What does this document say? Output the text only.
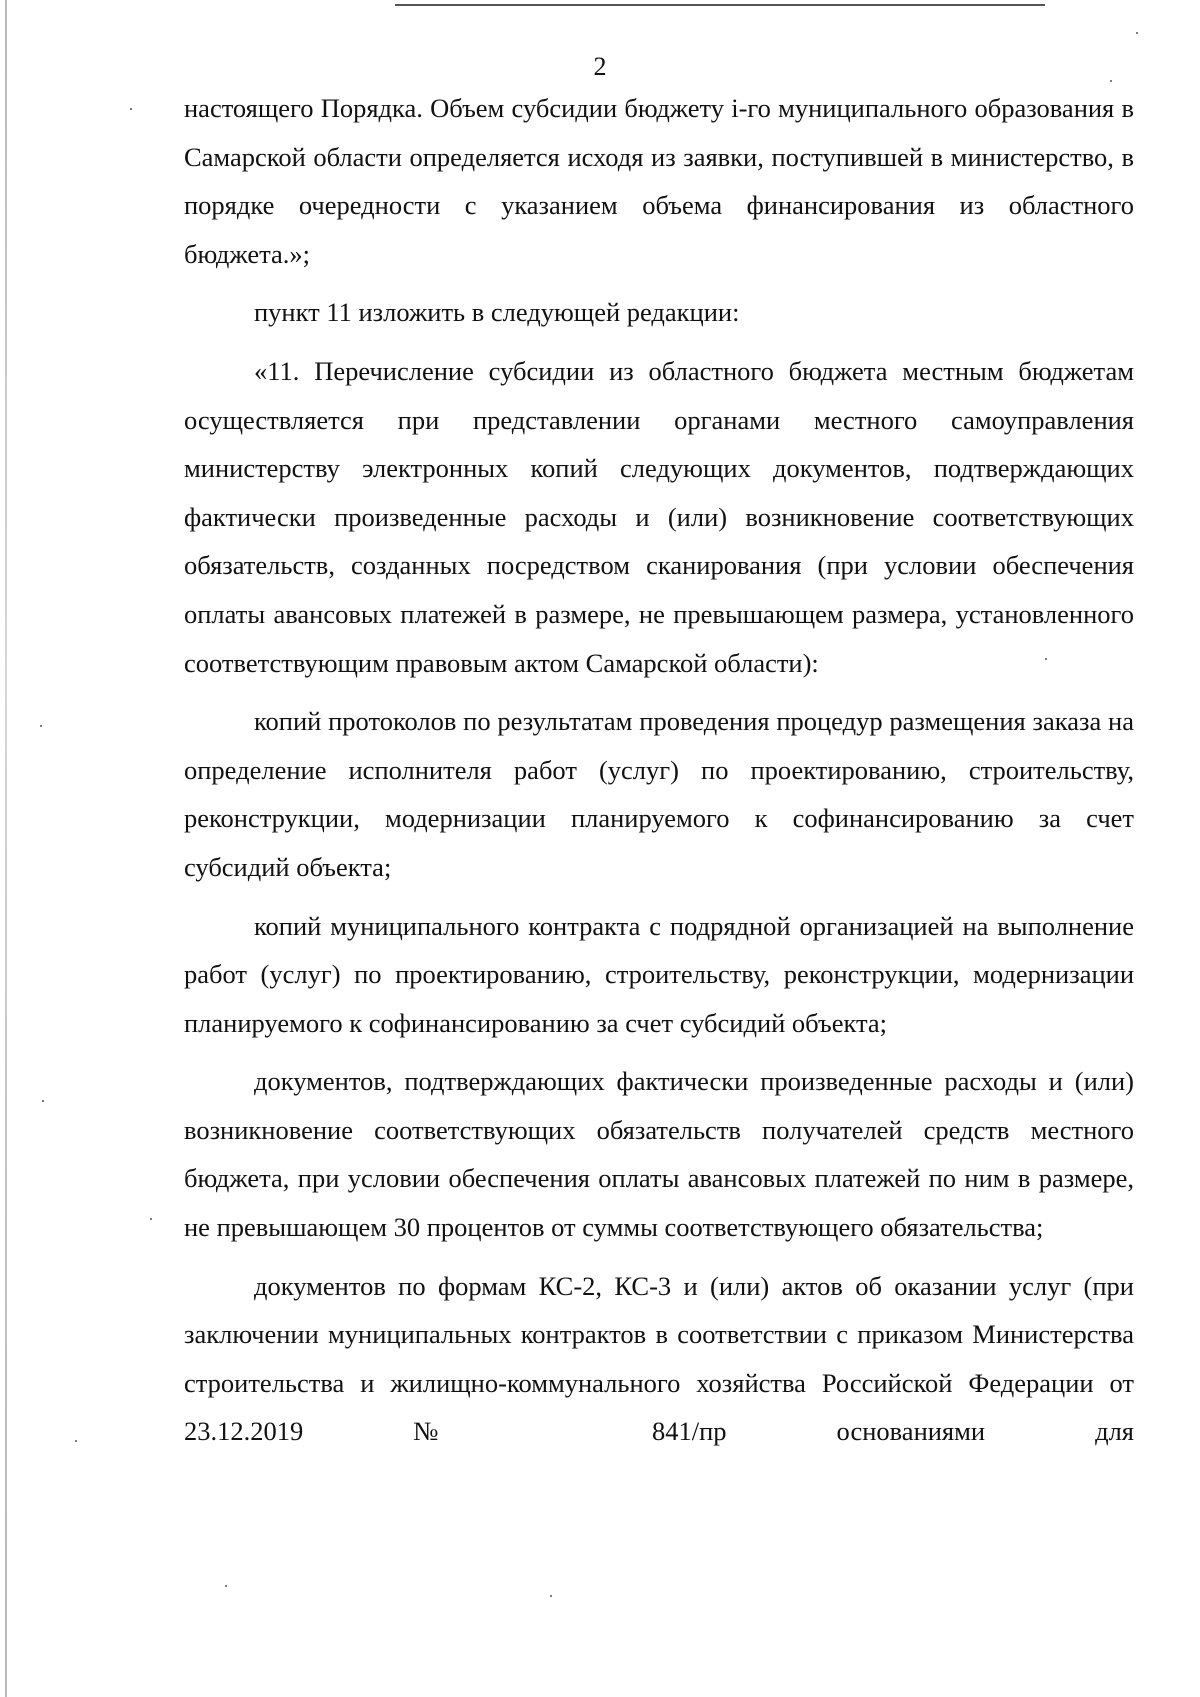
2

настоящего Порядка. Объем субсидии бюджету i-го муниципального образования в Самарской области определяется исходя из заявки, поступившей в министерство, в порядке очередности с указанием объема финансирования из областного бюджета.»;

пункт 11 изложить в следующей редакции:

«11. Перечисление субсидии из областного бюджета местным бюджетам осуществляется при представлении органами местного самоуправления министерству электронных копий следующих документов, подтверждающих фактически произведенные расходы и (или) возникновение соответствующих обязательств, созданных посредством сканирования (при условии обеспечения оплаты авансовых платежей в размере, не превышающем размера, установленного соответствующим правовым актом Самарской области):

копий протоколов по результатам проведения процедур размещения заказа на определение исполнителя работ (услуг) по проектированию, строительству, реконструкции, модернизации планируемого к софинансированию за счет субсидий объекта;

копий муниципального контракта с подрядной организацией на выполнение работ (услуг) по проектированию, строительству, реконструкции, модернизации планируемого к софинансированию за счет субсидий объекта;

документов, подтверждающих фактически произведенные расходы и (или) возникновение соответствующих обязательств получателей средств местного бюджета, при условии обеспечения оплаты авансовых платежей по ним в размере, не превышающем 30 процентов от суммы соответствующего обязательства;

документов по формам КС-2, КС-3 и (или) актов об оказании услуг (при заключении муниципальных контрактов в соответствии с приказом Министерства строительства и жилищно-коммунального хозяйства Российской Федерации от 23.12.2019 № 841/пр основаниями для
